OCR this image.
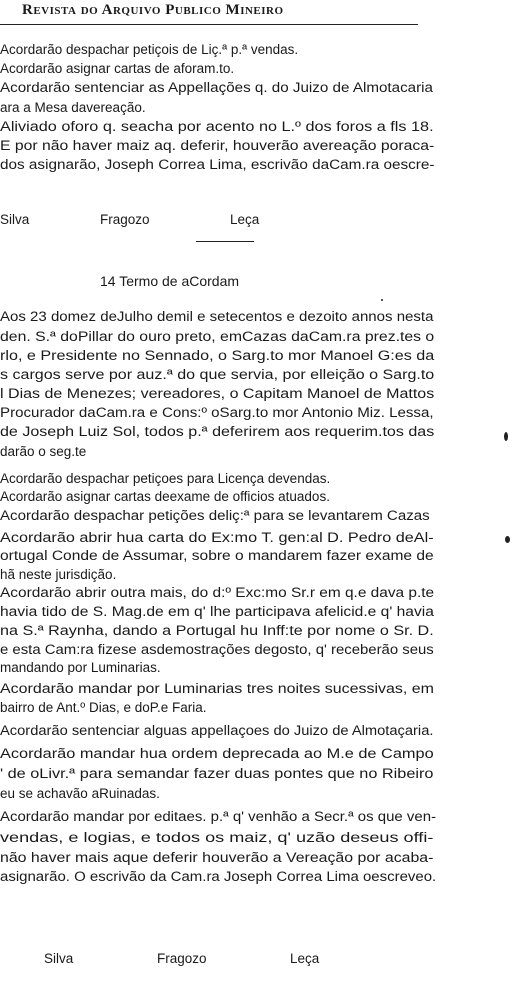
Revista do Arquivo Publico Mineiro
Acordarão despachar petiçois de Liç.ª p.ª vendas.
Acordarão asignar cartas de aforam.to.
Acordarão sentenciar as Appellações q. do Juizo de Almotacaria
ara a Mesa davereação.
Aliviado oforo q. seacha por acento no L.º dos foros a fls 18.
E por não haver maiz aq. deferir, houverão avereação poraca-
dos asignarão, Joseph Correa Lima, escrivão daCam.ra oescre-
Silva	Fragozo	Leça
14 Termo de aCordam
Aos 23 domez deJulho demil e setecentos e dezoito annos nesta
den. S.ª doPillar do ouro preto, emCazas daCam.ra prez.tes o
rlo, e Presidente no Sennado, o Sarg.to mor Manoel G:es da
s cargos serve por auz.ª do que servia, por elleição o Sarg.to
l Dias de Menezes; vereadores, o Capitam Manoel de Mattos
Procurador daCam.ra e Cons:º oSarg.to mor Antonio Miz. Lessa,
de Joseph Luiz Sol, todos p.ª deferirem aos requerim.tos das
darão o seg.te
Acordarão despachar petiçoes para Licença devendas.
Acordarão asignar cartas deexame de officios atuados.
Acordarão despachar petições deliç:ª para se levantarem Cazas
Acordarão abrir hua carta do Ex:mo T. gen:al D. Pedro deAl-
ortugal Conde de Assumar, sobre o mandarem fazer exame de
hã neste jurisdição.
Acordarão abrir outra mais, do d:º Exc:mo Sr.r em q.e dava p.te
havia tido de S. Mag.de em q' lhe participava afelicid.e q' havia
na S.ª Raynha, dando a Portugal hu Inff:te por nome o Sr. D.
e esta Cam:ra fizese asdemostrações degosto, q' receberão seus
mandando por Luminarias.
Acordarão mandar por Luminarias tres noites sucessivas, em
bairro de Ant.º Dias, e doP.e Faria.
Acordarão sentenciar alguas appellaçoes do Juizo de Almotaçaria.
Acordarão mandar hua ordem deprecada ao M.e de Campo
' de oLivr.ª para semandar fazer duas pontes que no Ribeiro
eu se achavão aRuinadas.
Acordarão mandar por editaes. p.ª q' venhão a Secr.ª os que ven-
vendas, e logias, e todos os maiz, q' uzão deseus offi-
não haver mais aque deferir houverão a Vereação por acaba-
asignarão. O escrivão da Cam.ra Joseph Correa Lima oescreveo.
Silva	Fragozo	Leça
